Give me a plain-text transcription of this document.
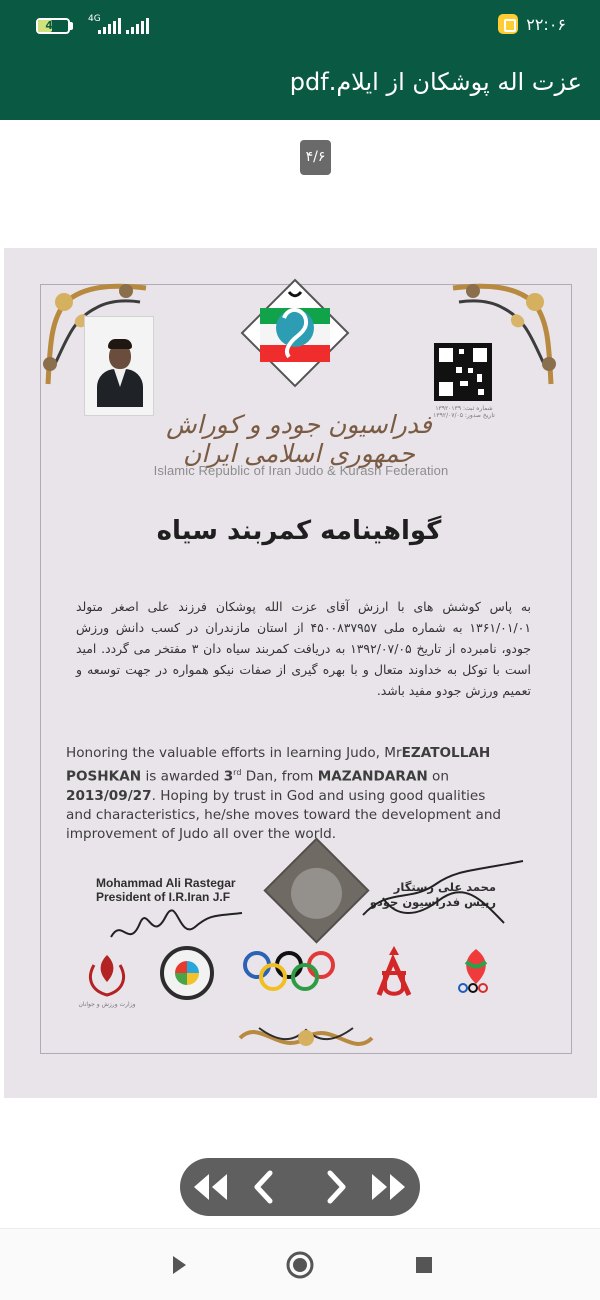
45	4G	۲۲:۰۶
عزت اله پوشکان از ایلام.pdf
۴/۶
شماره ثبت: ۱۳۹۲۰۱۳۹ تاریخ صدور: ۱۳۹۲/۰۷/۰۵
فدراسیون جودو و کوراش جمهوری اسلامی ایران
Islamic Republic of Iran Judo & Kurash Federation
گواهینامه کمربند سیاه
به پاس کوشش های با ارزش آقای عزت الله پوشکان فرزند علی اصغر متولد ۱۳۶۱/۰۱/۰۱ به شماره ملی ۴۵۰۰۸۳۷۹۵۷ از استان مازندران در کسب دانش ورزش جودو، نامبرده از تاریخ ۱۳۹۲/۰۷/۰۵ به دریافت کمربند سیاه دان ۳ مفتخر می گردد. امید است با توکل به خداوند متعال و با بهره گیری از صفات نیکو همواره در جهت توسعه و تعمیم ورزش جودو مفید باشد.
Honoring the valuable efforts in learning Judo, MrEZATOLLAH POSHKAN is awarded 3rd Dan, from MAZANDARAN on 2013/09/27. Hoping by trust in God and using good qualities and characteristics, he/she moves toward the development and improvement of Judo all over the world.
Mohammad Ali Rastegar
President of I.R.Iran J.F
محمد علی رستگار
رییس فدراسیون جودو
وزارت ورزش و جوانان
